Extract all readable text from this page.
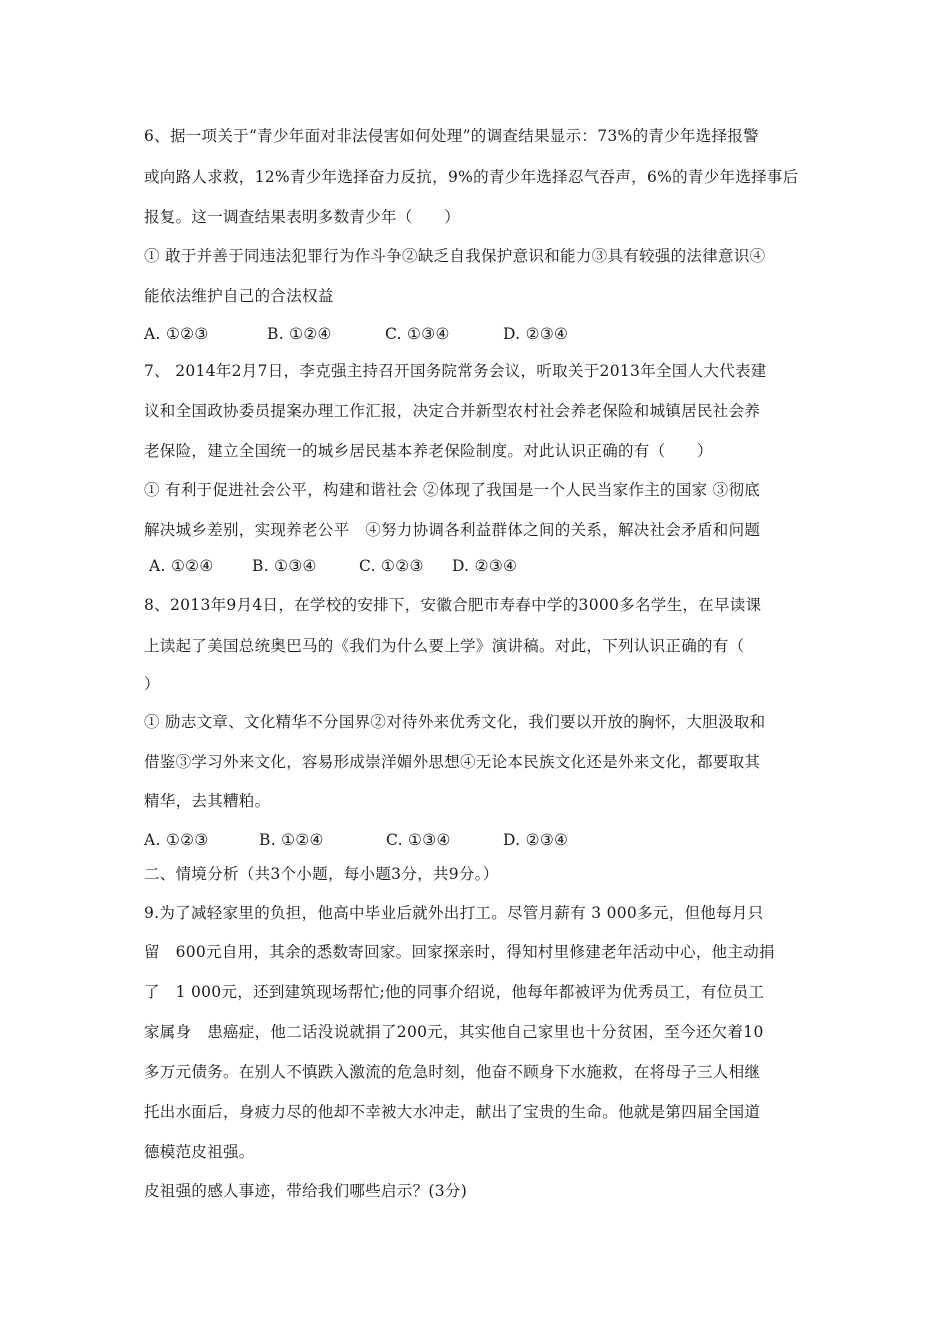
6、据一项关于“青少年面对非法侵害如何处理”的调查结果显示：73%的青少年选择报警
或向路人求救，12%青少年选择奋力反抗，9%的青少年选择忍气吞声，6%的青少年选择事后
报复。这一调查结果表明多数青少年（　　）
① 敢于并善于同违法犯罪行为作斗争②缺乏自我保护意识和能力③具有较强的法律意识④
能依法维护自己的合法权益
A. ①②③	B. ①②④	C. ①③④	D. ②③④
7、 2014年2月7日，李克强主持召开国务院常务会议，听取关于2013年全国人大代表建
议和全国政协委员提案办理工作汇报，决定合并新型农村社会养老保险和城镇居民社会养
老保险，建立全国统一的城乡居民基本养老保险制度。对此认识正确的有（　　）
① 有利于促进社会公平，构建和谐社会 ②体现了我国是一个人民当家作主的国家 ③彻底
解决城乡差别，实现养老公平　④努力协调各利益群体之间的关系，解决社会矛盾和问题
A. ①②④ B. ①③④	C. ①②③ D. ②③④
8、2013年9月4日，在学校的安排下，安徽合肥市寿春中学的3000多名学生，在早读课
上读起了美国总统奥巴马的《我们为什么要上学》演讲稿。对此，下列认识正确的有（
）
① 励志文章、文化精华不分国界②对待外来优秀文化，我们要以开放的胸怀，大胆汲取和
借鉴③学习外来文化，容易形成崇洋媚外思想④无论本民族文化还是外来文化，都要取其
精华，去其糟粕。
A. ①②③	B. ①②④	C. ①③④	D. ②③④
二、情境分析（共3个小题，每小题3分，共9分。）
9.为了减轻家里的负担，他高中毕业后就外出打工。尽管月薪有 3 000多元，但他每月只
留　600元自用，其余的悉数寄回家。回家探亲时，得知村里修建老年活动中心，他主动捐
了　1 000元，还到建筑现场帮忙;他的同事介绍说，他每年都被评为优秀员工，有位员工
家属身　患癌症，他二话没说就捐了200元，其实他自己家里也十分贫困，至今还欠着10
多万元债务。在别人不慎跌入激流的危急时刻，他奋不顾身下水施救，在将母子三人相继
托出水面后，身疲力尽的他却不幸被大水冲走，献出了宝贵的生命。他就是第四届全国道
德模范皮祖强。
皮祖强的感人事迹，带给我们哪些启示？(3分)
